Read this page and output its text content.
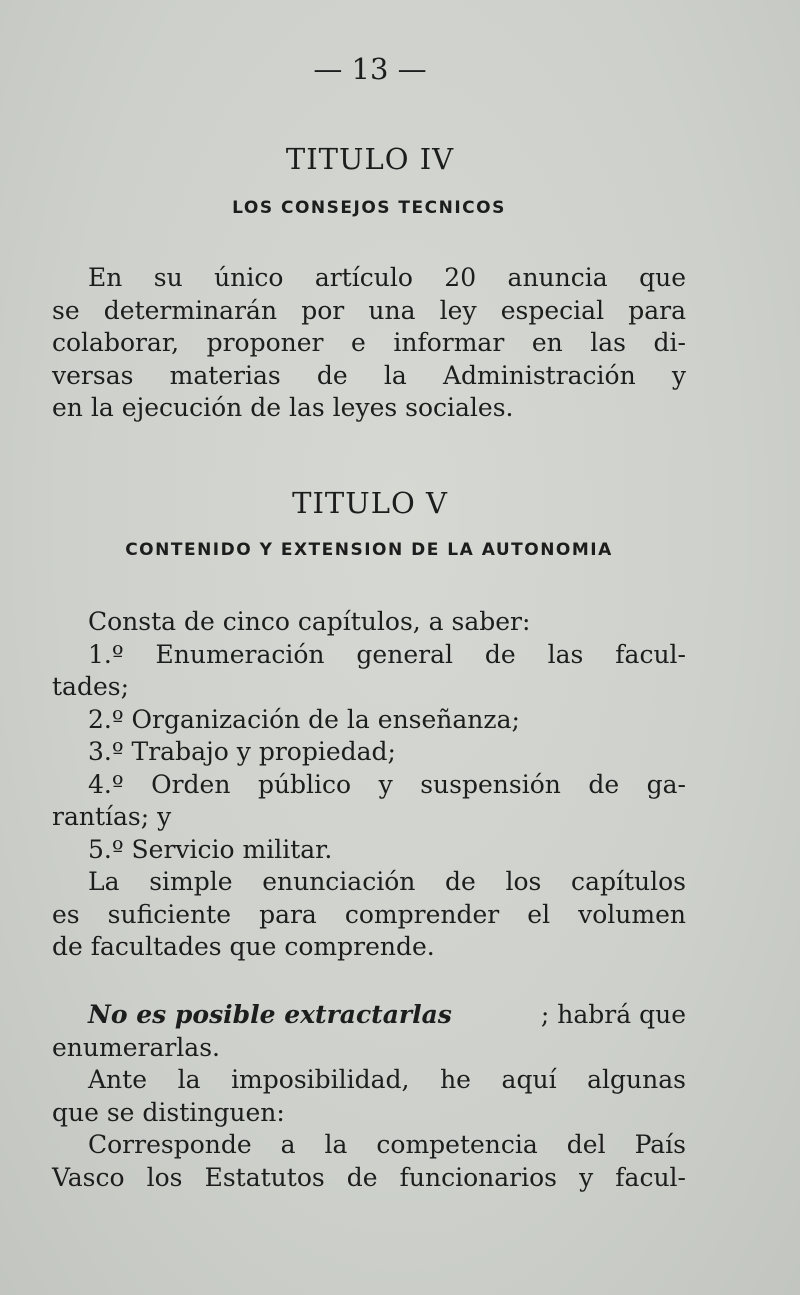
— 13 —
TITULO IV
LOS CONSEJOS TECNICOS
En su único artículo 20 anuncia que
se determinarán por una ley especial para
colaborar, proponer e informar en las di-
versas materias de la Administración y
en la ejecución de las leyes sociales.
TITULO V
CONTENIDO Y EXTENSION DE LA AUTONOMIA
Consta de cinco capítulos, a saber:
1.º Enumeración general de las facul-
tades;
2.º Organización de la enseñanza;
3.º Trabajo y propiedad;
4.º Orden público y suspensión de ga-
rantías; y
5.º Servicio militar.
La simple enunciación de los capítulos
es suficiente para comprender el volumen
de facultades que comprende.
No es posible extractarlas	; habrá que
enumerarlas.
Ante la imposibilidad, he aquí algunas
que se distinguen:
Corresponde a la competencia del País
Vasco los Estatutos de funcionarios y facul-
